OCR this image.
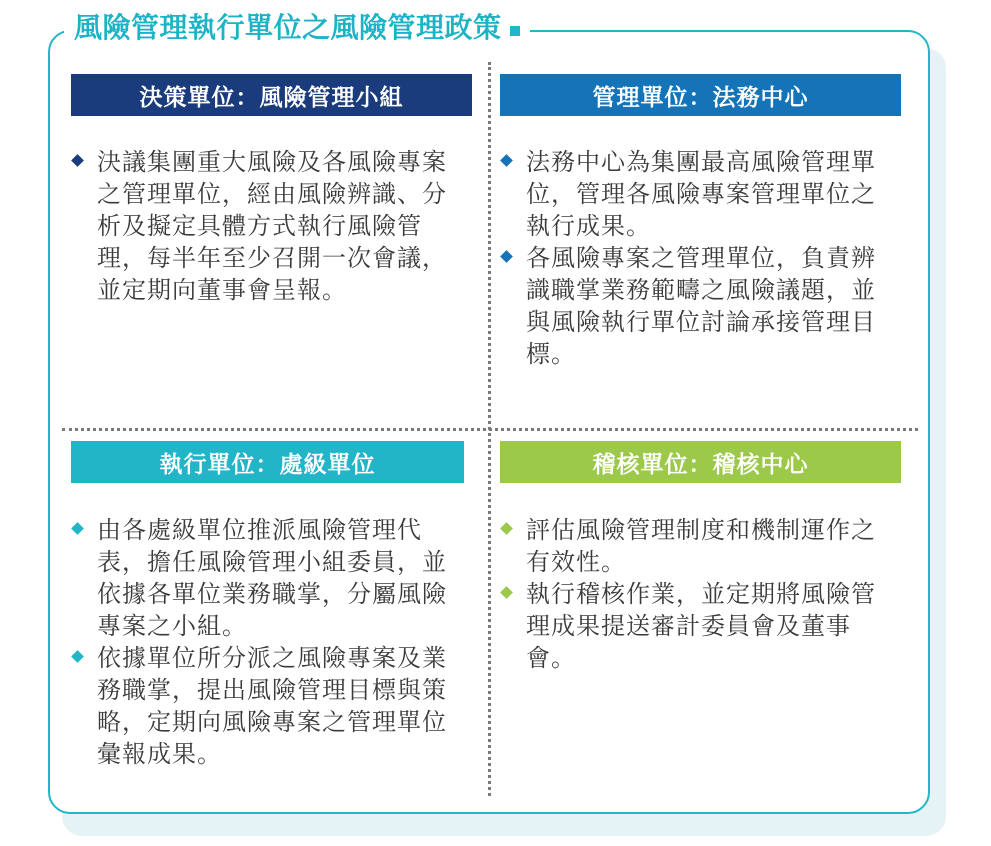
風險管理執行單位之風險管理政策
決策單位：風險管理小組	管理單位：法務中心
執行單位：處級單位	稽核單位：稽核中心
決議集團重大風險及各風險專案
之管理單位，經由風險辨識、分
析及擬定具體方式執行風險管
理，每半年至少召開一次會議，
並定期向董事會呈報。
法務中心為集團最高風險管理單
位，管理各風險專案管理單位之
執行成果。
各風險專案之管理單位，負責辨
識職掌業務範疇之風險議題，並
與風險執行單位討論承接管理目
標。
由各處級單位推派風險管理代
表，擔任風險管理小組委員，並
依據各單位業務職掌，分屬風險
專案之小組。
依據單位所分派之風險專案及業
務職掌，提出風險管理目標與策
略，定期向風險專案之管理單位
彙報成果。
評估風險管理制度和機制運作之
有效性。
執行稽核作業，並定期將風險管
理成果提送審計委員會及董事
會。
